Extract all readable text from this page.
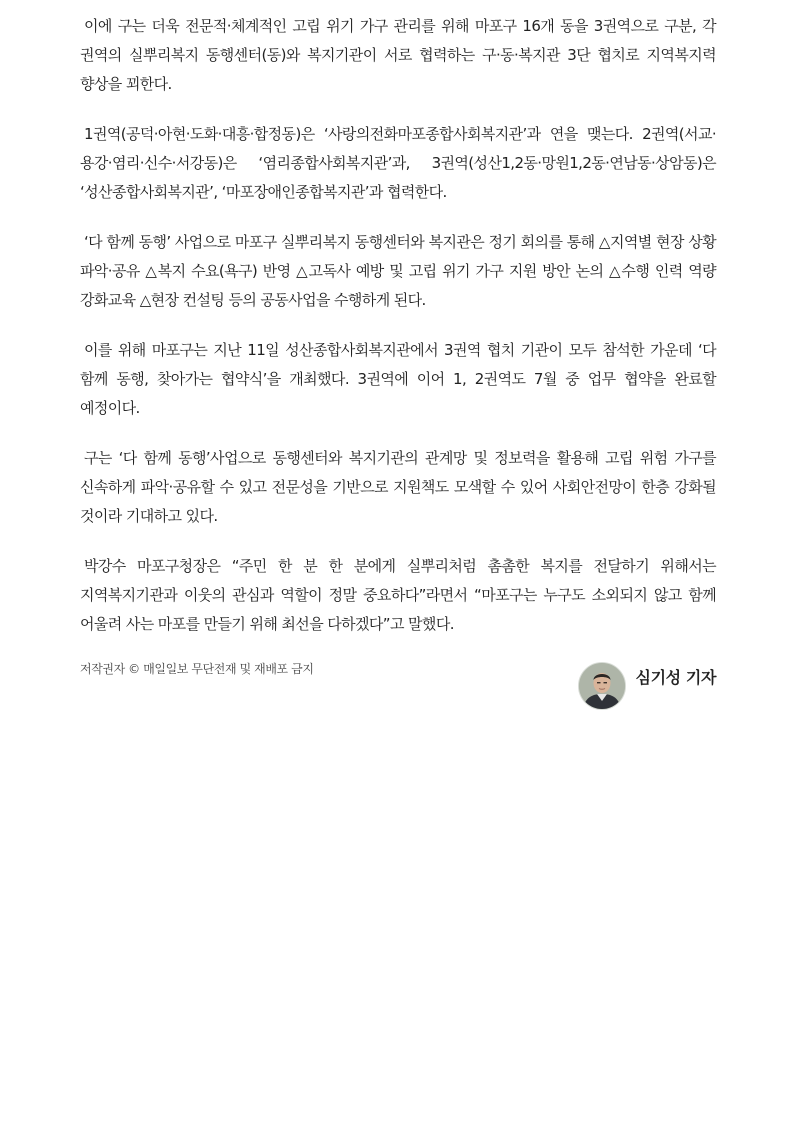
이에 구는 더욱 전문적·체계적인 고립 위기 가구 관리를 위해 마포구 16개 동을 3권역으로 구분, 각 권역의 실뿌리복지 동행센터(동)와 복지기관이 서로 협력하는 구·동·복지관 3단 협치로 지역복지력 향상을 꾀한다.

1권역(공덕·아현·도화·대흥·합정동)은 ‘사랑의전화마포종합사회복지관’과 연을 맺는다. 2권역(서교·용강·염리·신수·서강동)은 ‘염리종합사회복지관’과, 3권역(성산1,2동·망원1,2동·연남동·상암동)은 ‘성산종합사회복지관’, ‘마포장애인종합복지관’과 협력한다.

‘다 함께 동행’ 사업으로 마포구 실뿌리복지 동행센터와 복지관은 정기 회의를 통해 △지역별 현장 상황 파악·공유 △복지 수요(욕구) 반영 △고독사 예방 및 고립 위기 가구 지원 방안 논의 △수행 인력 역량 강화교육 △현장 컨설팅 등의 공동사업을 수행하게 된다.

이를 위해 마포구는 지난 11일 성산종합사회복지관에서 3권역 협치 기관이 모두 참석한 가운데 ‘다 함께 동행, 찾아가는 협약식’을 개최했다. 3권역에 이어 1, 2권역도 7월 중 업무 협약을 완료할 예정이다.

구는 ‘다 함께 동행’사업으로 동행센터와 복지기관의 관계망 및 정보력을 활용해 고립 위험 가구를 신속하게 파악·공유할 수 있고 전문성을 기반으로 지원책도 모색할 수 있어 사회안전망이 한층 강화될 것이라 기대하고 있다.

박강수 마포구청장은 “주민 한 분 한 분에게 실뿌리처럼 촘촘한 복지를 전달하기 위해서는 지역복지기관과 이웃의 관심과 역할이 정말 중요하다”라면서 “마포구는 누구도 소외되지 않고 함께 어울려 사는 마포를 만들기 위해 최선을 다하겠다”고 말했다.

저작권자 © 매일일보 무단전재 및 재배포 금지	심기성 기자
